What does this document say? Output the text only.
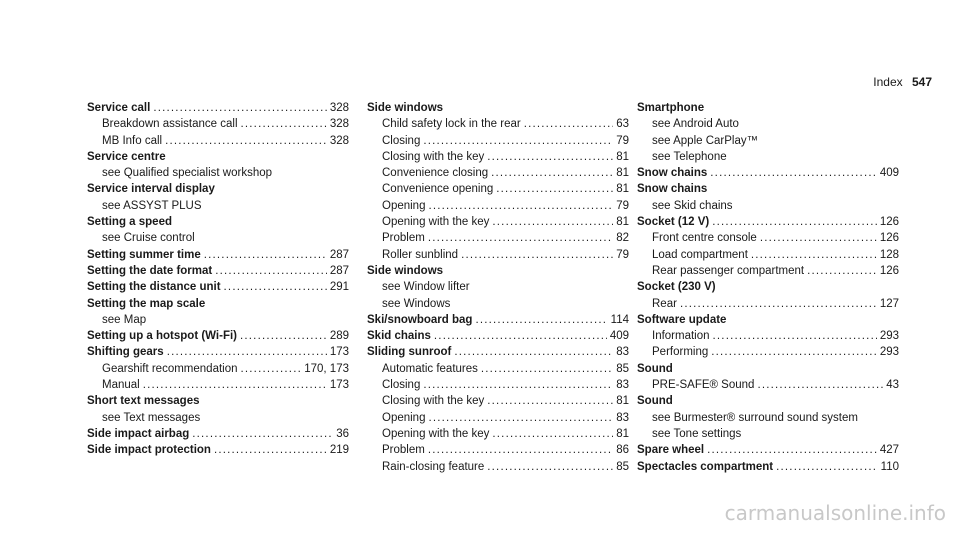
Index 547
Service call . . .	328
Breakdown assistance call . . .	328
MB Info call . . .	328
Service centre
see Qualified specialist workshop
Service interval display
see ASSYST PLUS
Setting a speed
see Cruise control
Setting summer time . . .	287
Setting the date format . . .	287
Setting the distance unit . . .	291
Setting the map scale
see Map
Setting up a hotspot (Wi-Fi) . . .	289
Shifting gears . . .	173
Gearshift recommendation . . .	170, 173
Manual . . .	173
Short text messages
see Text messages
Side impact airbag . . .	36
Side impact protection . . .	219
Side windows
Child safety lock in the rear . . .	63
Closing . . .	79
Closing with the key . . .	81
Convenience closing . . .	81
Convenience opening . . .	81
Opening . . .	79
Opening with the key . . .	81
Problem . . .	82
Roller sunblind . . .	79
Side windows
see Window lifter
see Windows
Ski/snowboard bag . . .	114
Skid chains . . .	409
Sliding sunroof . . .	83
Automatic features . . .	85
Closing . . .	83
Closing with the key . . .	81
Opening . . .	83
Opening with the key . . .	81
Problem . . .	86
Rain-closing feature . . .	85
Smartphone
see Android Auto
see Apple CarPlay™
see Telephone
Snow chains . . .	409
Snow chains
see Skid chains
Socket (12 V) . . .	126
Front centre console . . .	126
Load compartment . . .	128
Rear passenger compartment . . .	126
Socket (230 V)
Rear . . .	127
Software update
Information . . .	293
Performing . . .	293
Sound
PRE-SAFE® Sound . . .	43
Sound
see Burmester® surround sound system
see Tone settings
Spare wheel . . .	427
Spectacles compartment . . .	110
carmanualsonline.info
